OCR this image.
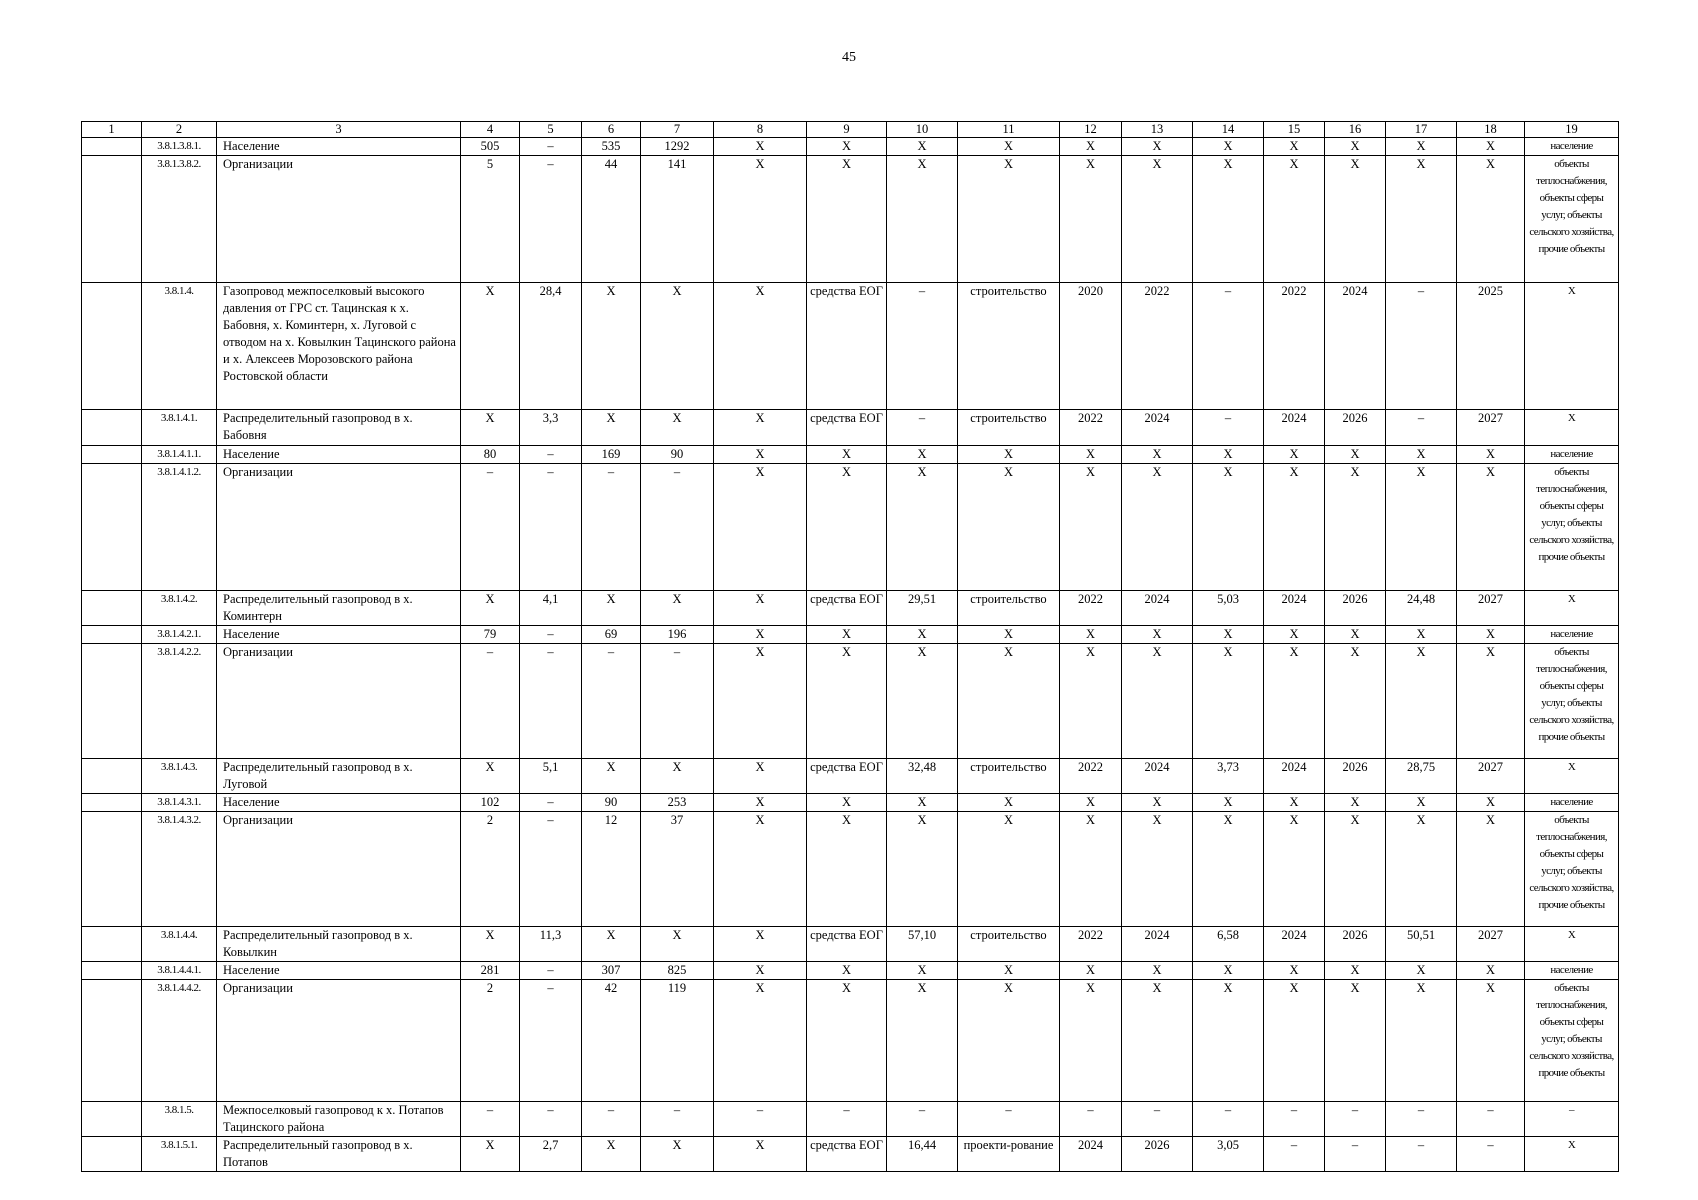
45
1	2	3	4	5	6	7	8	9	10	11	12	13	14	15	16	17	18	19
	3.8.1.3.8.1.	Население	505	–	535	1292	X	X	X	X	X	X	X	X	X	X	X	население
	3.8.1.3.8.2.	Организации	5	–	44	141	X	X	X	X	X	X	X	X	X	X	X	объекты теплоснабжения, объекты сферы услуг, объекты сельского хозяйства, прочие объекты
	3.8.1.4.	Газопровод межпоселковый высокого давления от ГРС ст. Тацинская к х. Бабовня, х. Коминтерн, х. Луговой с отводом на х. Ковылкин Тацинского района и х. Алексеев Морозовского района Ростовской области	X	28,4	X	X	X	средства ЕОГ	–	строительство	2020	2022	–	2022	2024	–	2025	X
	3.8.1.4.1.	Распределительный газопровод в х. Бабовня	X	3,3	X	X	X	средства ЕОГ	–	строительство	2022	2024	–	2024	2026	–	2027	X
	3.8.1.4.1.1.	Население	80	–	169	90	X	X	X	X	X	X	X	X	X	X	X	население
	3.8.1.4.1.2.	Организации	–	–	–	–	X	X	X	X	X	X	X	X	X	X	X	объекты теплоснабжения, объекты сферы услуг, объекты сельского хозяйства, прочие объекты
	3.8.1.4.2.	Распределительный газопровод в х. Коминтерн	X	4,1	X	X	X	средства ЕОГ	29,51	строительство	2022	2024	5,03	2024	2026	24,48	2027	X
	3.8.1.4.2.1.	Население	79	–	69	196	X	X	X	X	X	X	X	X	X	X	X	население
	3.8.1.4.2.2.	Организации	–	–	–	–	X	X	X	X	X	X	X	X	X	X	X	объекты теплоснабжения, объекты сферы услуг, объекты сельского хозяйства, прочие объекты
	3.8.1.4.3.	Распределительный газопровод в х. Луговой	X	5,1	X	X	X	средства ЕОГ	32,48	строительство	2022	2024	3,73	2024	2026	28,75	2027	X
	3.8.1.4.3.1.	Население	102	–	90	253	X	X	X	X	X	X	X	X	X	X	X	население
	3.8.1.4.3.2.	Организации	2	–	12	37	X	X	X	X	X	X	X	X	X	X	X	объекты теплоснабжения, объекты сферы услуг, объекты сельского хозяйства, прочие объекты
	3.8.1.4.4.	Распределительный газопровод в х. Ковылкин	X	11,3	X	X	X	средства ЕОГ	57,10	строительство	2022	2024	6,58	2024	2026	50,51	2027	X
	3.8.1.4.4.1.	Население	281	–	307	825	X	X	X	X	X	X	X	X	X	X	X	население
	3.8.1.4.4.2.	Организации	2	–	42	119	X	X	X	X	X	X	X	X	X	X	X	объекты теплоснабжения, объекты сферы услуг, объекты сельского хозяйства, прочие объекты
	3.8.1.5.	Межпоселковый газопровод к х. Потапов Тацинского района	–	–	–	–	–	–	–	–	–	–	–	–	–	–	–	–
	3.8.1.5.1.	Распределительный газопровод в х. Потапов	X	2,7	X	X	X	средства ЕОГ	16,44	проекти-рование	2024	2026	3,05	–	–	–	–	X
